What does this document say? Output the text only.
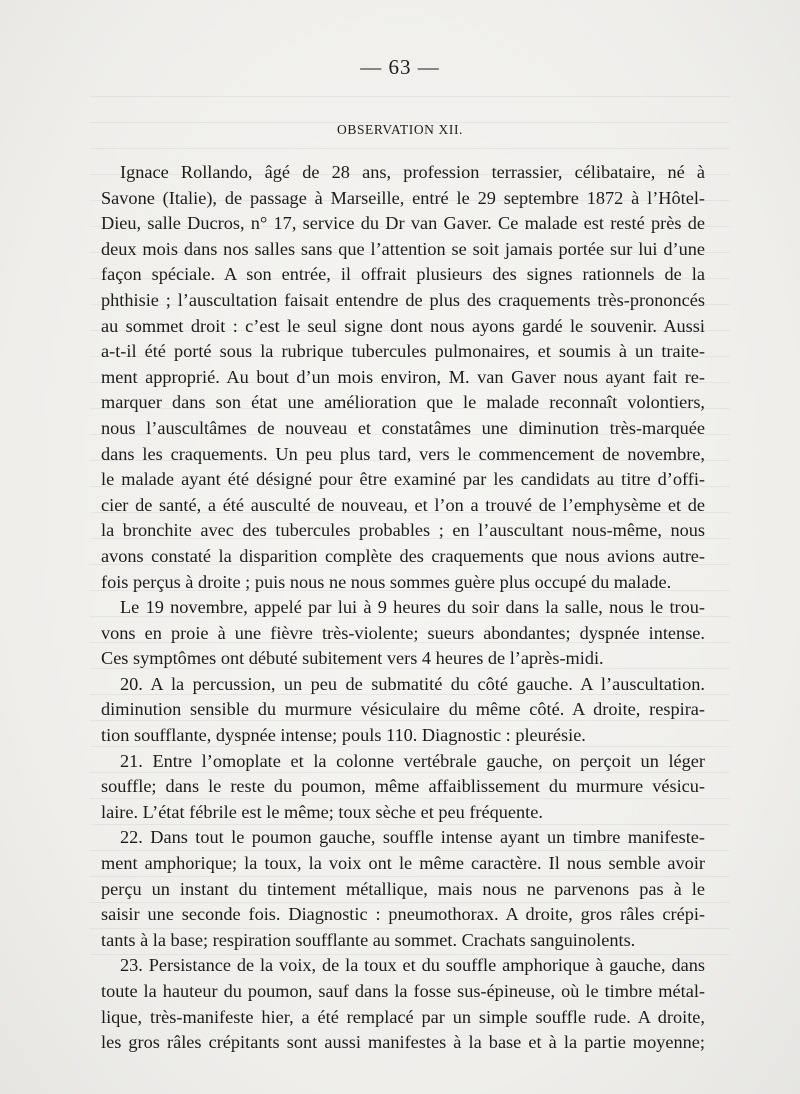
— 63 —
OBSERVATION XII.
Ignace Rollando, âgé de 28 ans, profession terrassier, célibataire, né à
Savone (Italie), de passage à Marseille, entré le 29 septembre 1872 à l’Hôtel-
Dieu, salle Ducros, n° 17, service du Dr van Gaver. Ce malade est resté près de
deux mois dans nos salles sans que l’attention se soit jamais portée sur lui d’une
façon spéciale. A son entrée, il offrait plusieurs des signes rationnels de la
phthisie ; l’auscultation faisait entendre de plus des craquements très-prononcés
au sommet droit : c’est le seul signe dont nous ayons gardé le souvenir. Aussi
a-t-il été porté sous la rubrique tubercules pulmonaires, et soumis à un traite-
ment approprié. Au bout d’un mois environ, M. van Gaver nous ayant fait re-
marquer dans son état une amélioration que le malade reconnaît volontiers,
nous l’auscultâmes de nouveau et constatâmes une diminution très-marquée
dans les craquements. Un peu plus tard, vers le commencement de novembre,
le malade ayant été désigné pour être examiné par les candidats au titre d’offi-
cier de santé, a été ausculté de nouveau, et l’on a trouvé de l’emphysème et de
la bronchite avec des tubercules probables ; en l’auscultant nous-même, nous
avons constaté la disparition complète des craquements que nous avions autre-
fois perçus à droite ; puis nous ne nous sommes guère plus occupé du malade.
Le 19 novembre, appelé par lui à 9 heures du soir dans la salle, nous le trou-
vons en proie à une fièvre très-violente; sueurs abondantes; dyspnée intense.
Ces symptômes ont débuté subitement vers 4 heures de l’après-midi.
20. A la percussion, un peu de submatité du côté gauche. A l’auscultation.
diminution sensible du murmure vésiculaire du même côté. A droite, respira-
tion soufflante, dyspnée intense; pouls 110. Diagnostic : pleurésie.
21. Entre l’omoplate et la colonne vertébrale gauche, on perçoit un léger
souffle; dans le reste du poumon, même affaiblissement du murmure vésicu-
laire. L’état fébrile est le même; toux sèche et peu fréquente.
22. Dans tout le poumon gauche, souffle intense ayant un timbre manifeste-
ment amphorique; la toux, la voix ont le même caractère. Il nous semble avoir
perçu un instant du tintement métallique, mais nous ne parvenons pas à le
saisir une seconde fois. Diagnostic : pneumothorax. A droite, gros râles crépi-
tants à la base; respiration soufflante au sommet. Crachats sanguinolents.
23. Persistance de la voix, de la toux et du souffle amphorique à gauche, dans
toute la hauteur du poumon, sauf dans la fosse sus-épineuse, où le timbre métal-
lique, très-manifeste hier, a été remplacé par un simple souffle rude. A droite,
les gros râles crépitants sont aussi manifestes à la base et à la partie moyenne;
